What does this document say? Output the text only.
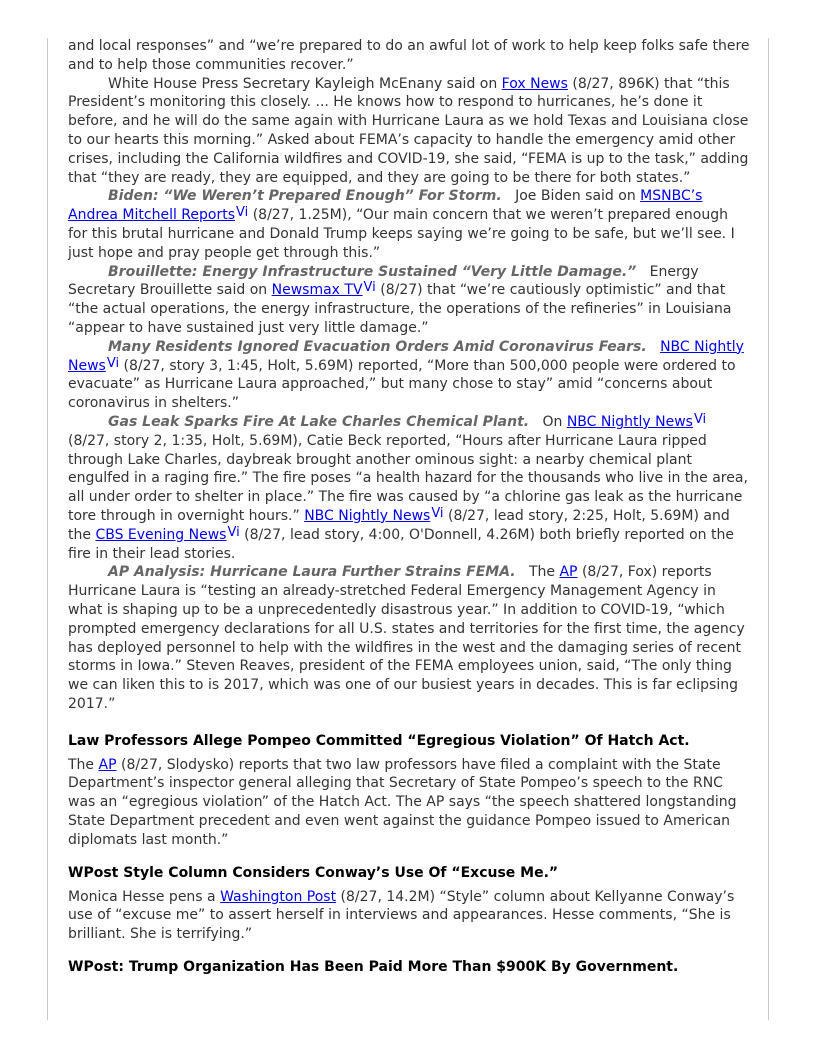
and local responses” and “we’re prepared to do an awful lot of work to help keep folks safe there and to help those communities recover.”

White House Press Secretary Kayleigh McEnany said on Fox News (8/27, 896K) that “this President’s monitoring this closely. ... He knows how to respond to hurricanes, he’s done it before, and he will do the same again with Hurricane Laura as we hold Texas and Louisiana close to our hearts this morning.” Asked about FEMA’s capacity to handle the emergency amid other crises, including the California wildfires and COVID-19, she said, “FEMA is up to the task,” adding that “they are ready, they are equipped, and they are going to be there for both states.”

Biden: “We Weren’t Prepared Enough” For Storm. Joe Biden said on MSNBC’s Andrea Mitchell Reports$^{Vi}$ (8/27, 1.25M), “Our main concern that we weren’t prepared enough for this brutal hurricane and Donald Trump keeps saying we’re going to be safe, but we’ll see. I just hope and pray people get through this.”

Brouillette: Energy Infrastructure Sustained “Very Little Damage.” Energy Secretary Brouillette said on Newsmax $TV^{Vi}$ (8/27) that “we’re cautiously optimistic” and that “the actual operations, the energy infrastructure, the operations of the refineries” in Louisiana “appear to have sustained just very little damage.”

Many Residents Ignored Evacuation Orders Amid Coronavirus Fears. NBC Nightly News$^{Vi}$ (8/27, story 3, 1:45, Holt, 5.69M) reported, “More than 500,000 people were ordered to evacuate” as Hurricane Laura approached,” but many chose to stay” amid “concerns about coronavirus in shelters.”

Gas Leak Sparks Fire At Lake Charles Chemical Plant. On NBC Nightly News$^{Vi}$ (8/27, story 2, 1:35, Holt, 5.69M), Catie Beck reported, “Hours after Hurricane Laura ripped through Lake Charles, daybreak brought another ominous sight: a nearby chemical plant engulfed in a raging fire.” The fire poses “a health hazard for the thousands who live in the area, all under order to shelter in place.” The fire was caused by “a chlorine gas leak as the hurricane tore through in overnight hours.” NBC Nightly News$^{Vi}$ (8/27, lead story, 2:25, Holt, 5.69M) and the CBS Evening News$^{Vi}$ (8/27, lead story, 4:00, O'Donnell, 4.26M) both briefly reported on the fire in their lead stories.

AP Analysis: Hurricane Laura Further Strains FEMA. The AP (8/27, Fox) reports Hurricane Laura is “testing an already-stretched Federal Emergency Management Agency in what is shaping up to be a unprecedentedly disastrous year.” In addition to COVID-19, “which prompted emergency declarations for all U.S. states and territories for the first time, the agency has deployed personnel to help with the wildfires in the west and the damaging series of recent storms in Iowa.” Steven Reaves, president of the FEMA employees union, said, “The only thing we can liken this to is 2017, which was one of our busiest years in decades. This is far eclipsing 2017.”

Law Professors Allege Pompeo Committed “Egregious Violation” Of Hatch Act.

The AP (8/27, Slodysko) reports that two law professors have filed a complaint with the State Department’s inspector general alleging that Secretary of State Pompeo’s speech to the RNC was an “egregious violation” of the Hatch Act. The AP says “the speech shattered longstanding State Department precedent and even went against the guidance Pompeo issued to American diplomats last month.”

WPost Style Column Considers Conway’s Use Of “Excuse Me.”

Monica Hesse pens a Washington Post (8/27, 14.2M) “Style” column about Kellyanne Conway’s use of “excuse me” to assert herself in interviews and appearances. Hesse comments, “She is brilliant. She is terrifying.”

WPost: Trump Organization Has Been Paid More Than $900K By Government.
